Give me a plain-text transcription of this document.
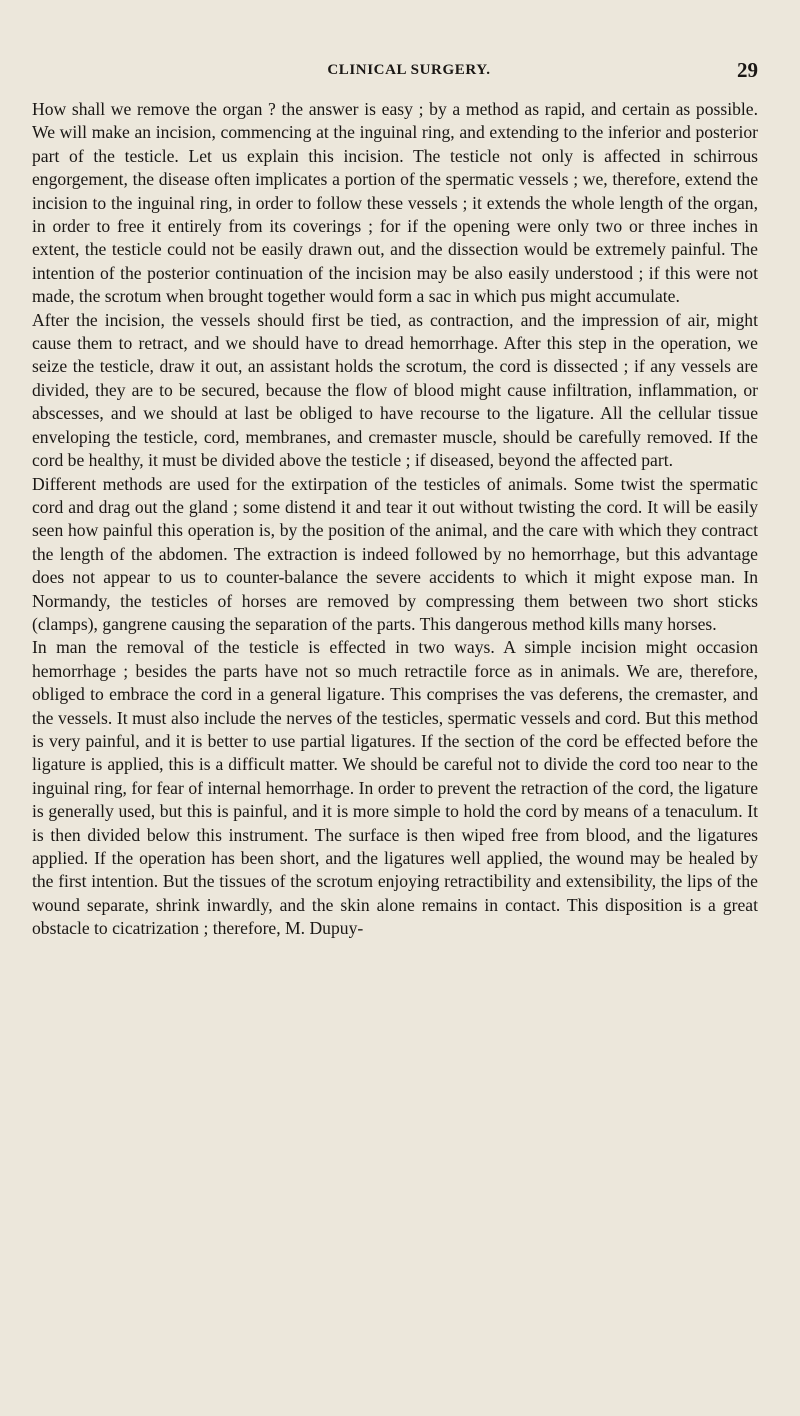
CLINICAL SURGERY.	29

How shall we remove the organ ? the answer is easy ; by a method as rapid, and certain as possible. We will make an incision, commencing at the inguinal ring, and extending to the inferior and posterior part of the testicle. Let us explain this incision. The testicle not only is affected in schirrous engorgement, the disease often implicates a portion of the spermatic vessels ; we, therefore, extend the incision to the inguinal ring, in order to follow these vessels ; it extends the whole length of the organ, in order to free it entirely from its coverings ; for if the opening were only two or three inches in extent, the testicle could not be easily drawn out, and the dissection would be extremely painful. The intention of the posterior continuation of the incision may be also easily understood ; if this were not made, the scrotum when brought together would form a sac in which pus might accumulate.

After the incision, the vessels should first be tied, as contraction, and the impression of air, might cause them to retract, and we should have to dread hemorrhage. After this step in the operation, we seize the testicle, draw it out, an assistant holds the scrotum, the cord is dissected ; if any vessels are divided, they are to be secured, because the flow of blood might cause infiltration, inflammation, or abscesses, and we should at last be obliged to have recourse to the ligature. All the cellular tissue enveloping the testicle, cord, membranes, and cremaster muscle, should be carefully removed. If the cord be healthy, it must be divided above the testicle ; if diseased, beyond the affected part.

Different methods are used for the extirpation of the testicles of animals. Some twist the spermatic cord and drag out the gland ; some distend it and tear it out without twisting the cord. It will be easily seen how painful this operation is, by the position of the animal, and the care with which they contract the length of the abdomen. The extraction is indeed followed by no hemorrhage, but this advantage does not appear to us to counter-balance the severe accidents to which it might expose man. In Normandy, the testicles of horses are removed by compressing them between two short sticks (clamps), gangrene causing the separation of the parts. This dangerous method kills many horses.

In man the removal of the testicle is effected in two ways. A simple incision might occasion hemorrhage ; besides the parts have not so much retractile force as in animals. We are, therefore, obliged to embrace the cord in a general ligature. This comprises the vas deferens, the cremaster, and the vessels. It must also include the nerves of the testicles, spermatic vessels and cord. But this method is very painful, and it is better to use partial ligatures. If the section of the cord be effected before the ligature is applied, this is a difficult matter. We should be careful not to divide the cord too near to the inguinal ring, for fear of internal hemorrhage. In order to prevent the retraction of the cord, the ligature is generally used, but this is painful, and it is more simple to hold the cord by means of a tenaculum. It is then divided below this instrument. The surface is then wiped free from blood, and the ligatures applied. If the operation has been short, and the ligatures well applied, the wound may be healed by the first intention. But the tissues of the scrotum enjoying retractibility and extensibility, the lips of the wound separate, shrink inwardly, and the skin alone remains in contact. This disposition is a great obstacle to cicatrization ; therefore, M. Dupuy-
